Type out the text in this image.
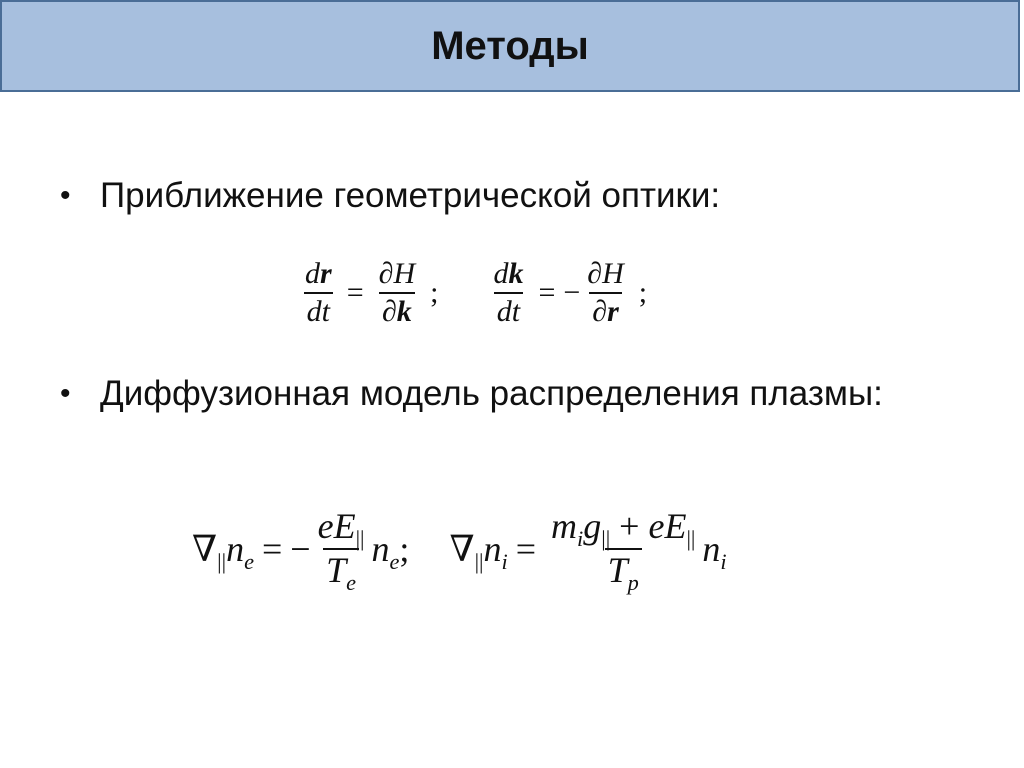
Методы
• Приближение геометрической оптики:
$\frac{dr}{dt} = \frac{\partial H}{\partial k}$ ; $\frac{dk}{dt}$ = − $\frac{\partial H}{\partial r}$ ;
• Диффузионная модель распределения плазмы:
$\nabla_{||}n_e$ = − $\frac{eE_{||}}{T_e} n_e$; $\nabla_{||}n_i = \frac{m_ig_{||} + eE_{||}}{T_p} n_i$
